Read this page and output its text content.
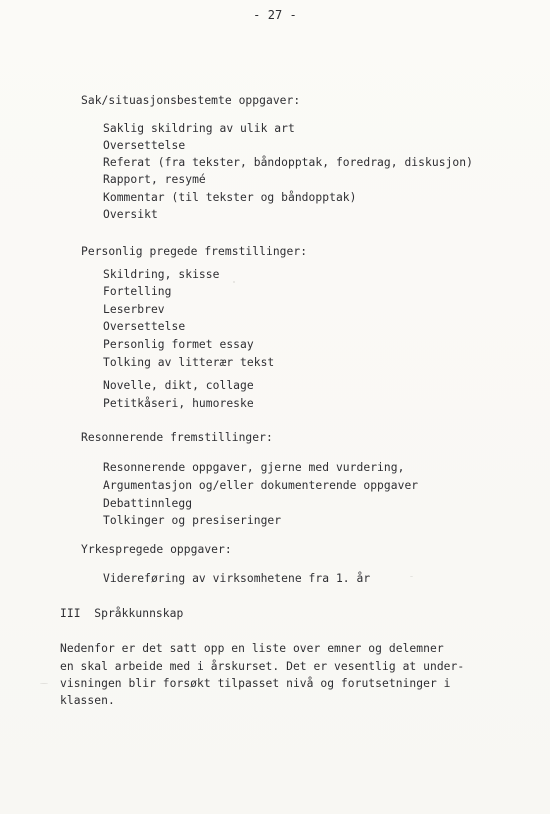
- 27 -
Sak/situasjonsbestemte oppgaver:
Saklig skildring av ulik art
Oversettelse
Referat (fra tekster, båndopptak, foredrag, diskusjon)
Rapport, resymé
Kommentar (til tekster og båndopptak)
Oversikt
Personlig pregede fremstillinger:
Skildring, skisse
Fortelling
Leserbrev
Oversettelse
Personlig formet essay
Tolking av litterær tekst
Novelle, dikt, collage
Petitkåseri, humoreske
Resonnerende fremstillinger:
Resonnerende oppgaver, gjerne med vurdering,
Argumentasjon og/eller dokumenterende oppgaver
Debattinnlegg
Tolkinger og presiseringer
Yrkespregede oppgaver:
Videreføring av virksomhetene fra 1. år
III  Språkkunnskap
Nedenfor er det satt opp en liste over emner og delemner
en skal arbeide med i årskurset. Det er vesentlig at under-
visningen blir forsøkt tilpasset nivå og forutsetninger i
klassen.
